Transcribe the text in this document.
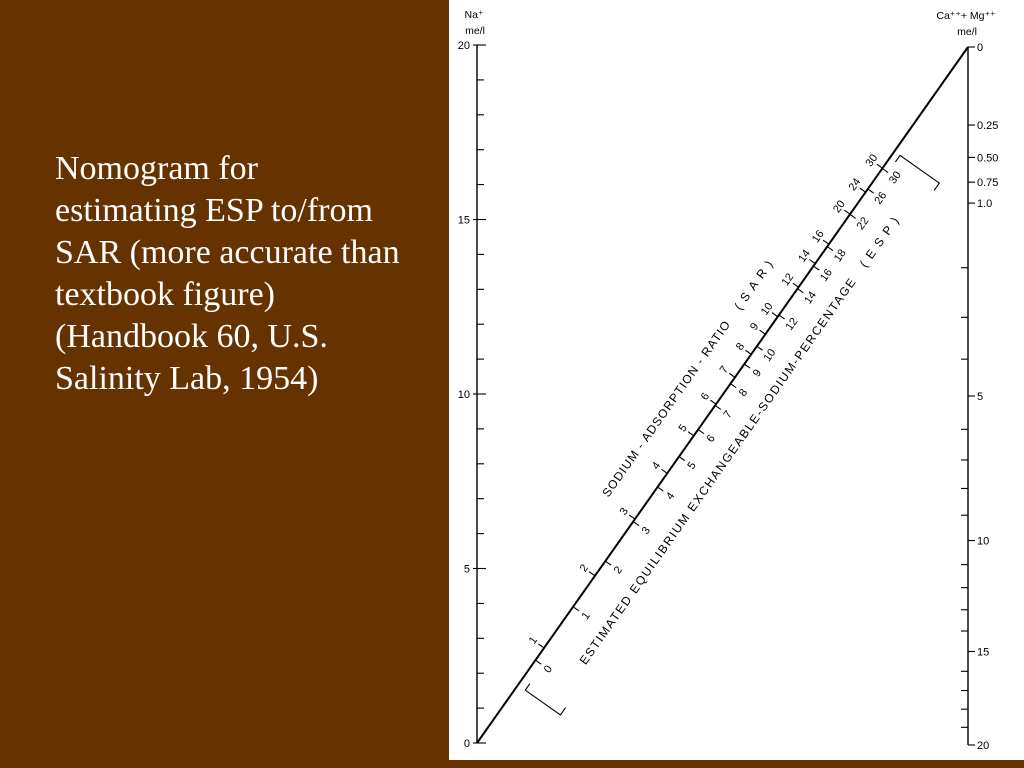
Nomogram for
estimating ESP to/from
SAR (more accurate than
textbook figure)
(Handbook 60, U.S.
Salinity Lab, 1954)
Na⁺
me/l
0
5
10
15
20
Ca⁺⁺+ Mg⁺⁺
me/l
0
0.25
0.50
0.75
1.0
5
10
15
20
1
2
3
4
5
6
7
8
9
10
12
14
16
20
24
30
0
1
2
3
4
5
6
7
8
9
10
12
14
16
18
22
26
30
SODIUM - ADSORPTION - RATIO
(SAR)
ESTIMATED EQUILIBRIUM EXCHANGEABLE-SODIUM-PERCENTAGE
(ESP)
